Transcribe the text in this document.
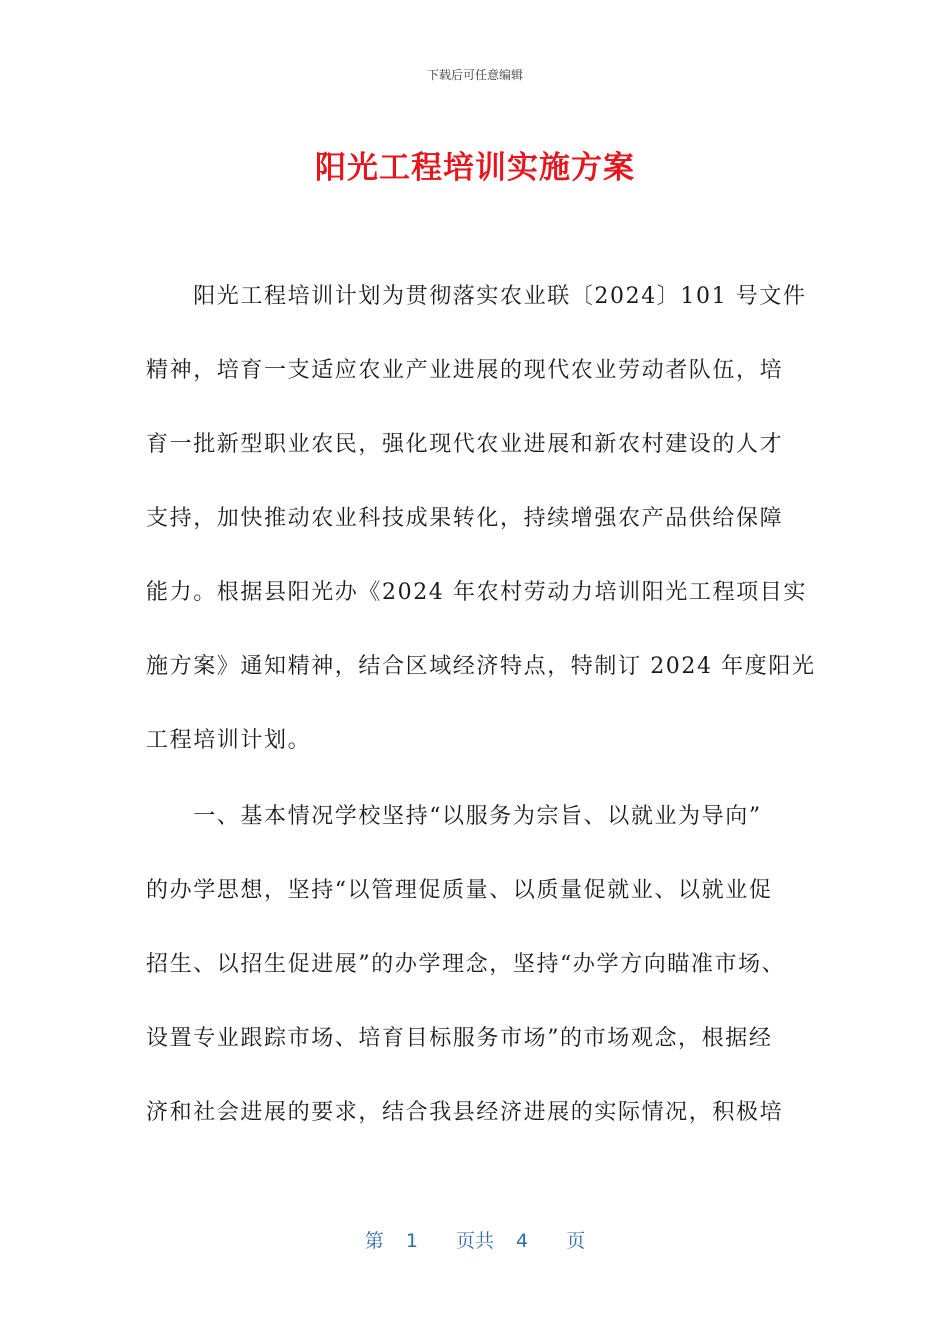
下载后可任意编辑
阳光工程培训实施方案
　　阳光工程培训计划为贯彻落实农业联〔2024〕101 号文件
精神，培育一支适应农业产业进展的现代农业劳动者队伍，培
育一批新型职业农民，强化现代农业进展和新农村建设的人才
支持，加快推动农业科技成果转化，持续增强农产品供给保障
能力。根据县阳光办《2024 年农村劳动力培训阳光工程项目实
施方案》通知精神，结合区域经济特点，特制订 2024 年度阳光
工程培训计划。
　　一、基本情况学校坚持“以服务为宗旨、以就业为导向”
的办学思想，坚持“以管理促质量、以质量促就业、以就业促
招生、以招生促进展”的办学理念，坚持“办学方向瞄准市场、
设置专业跟踪市场、培育目标服务市场”的市场观念，根据经
济和社会进展的要求，结合我县经济进展的实际情况，积极培
第 1 页共 4 页
